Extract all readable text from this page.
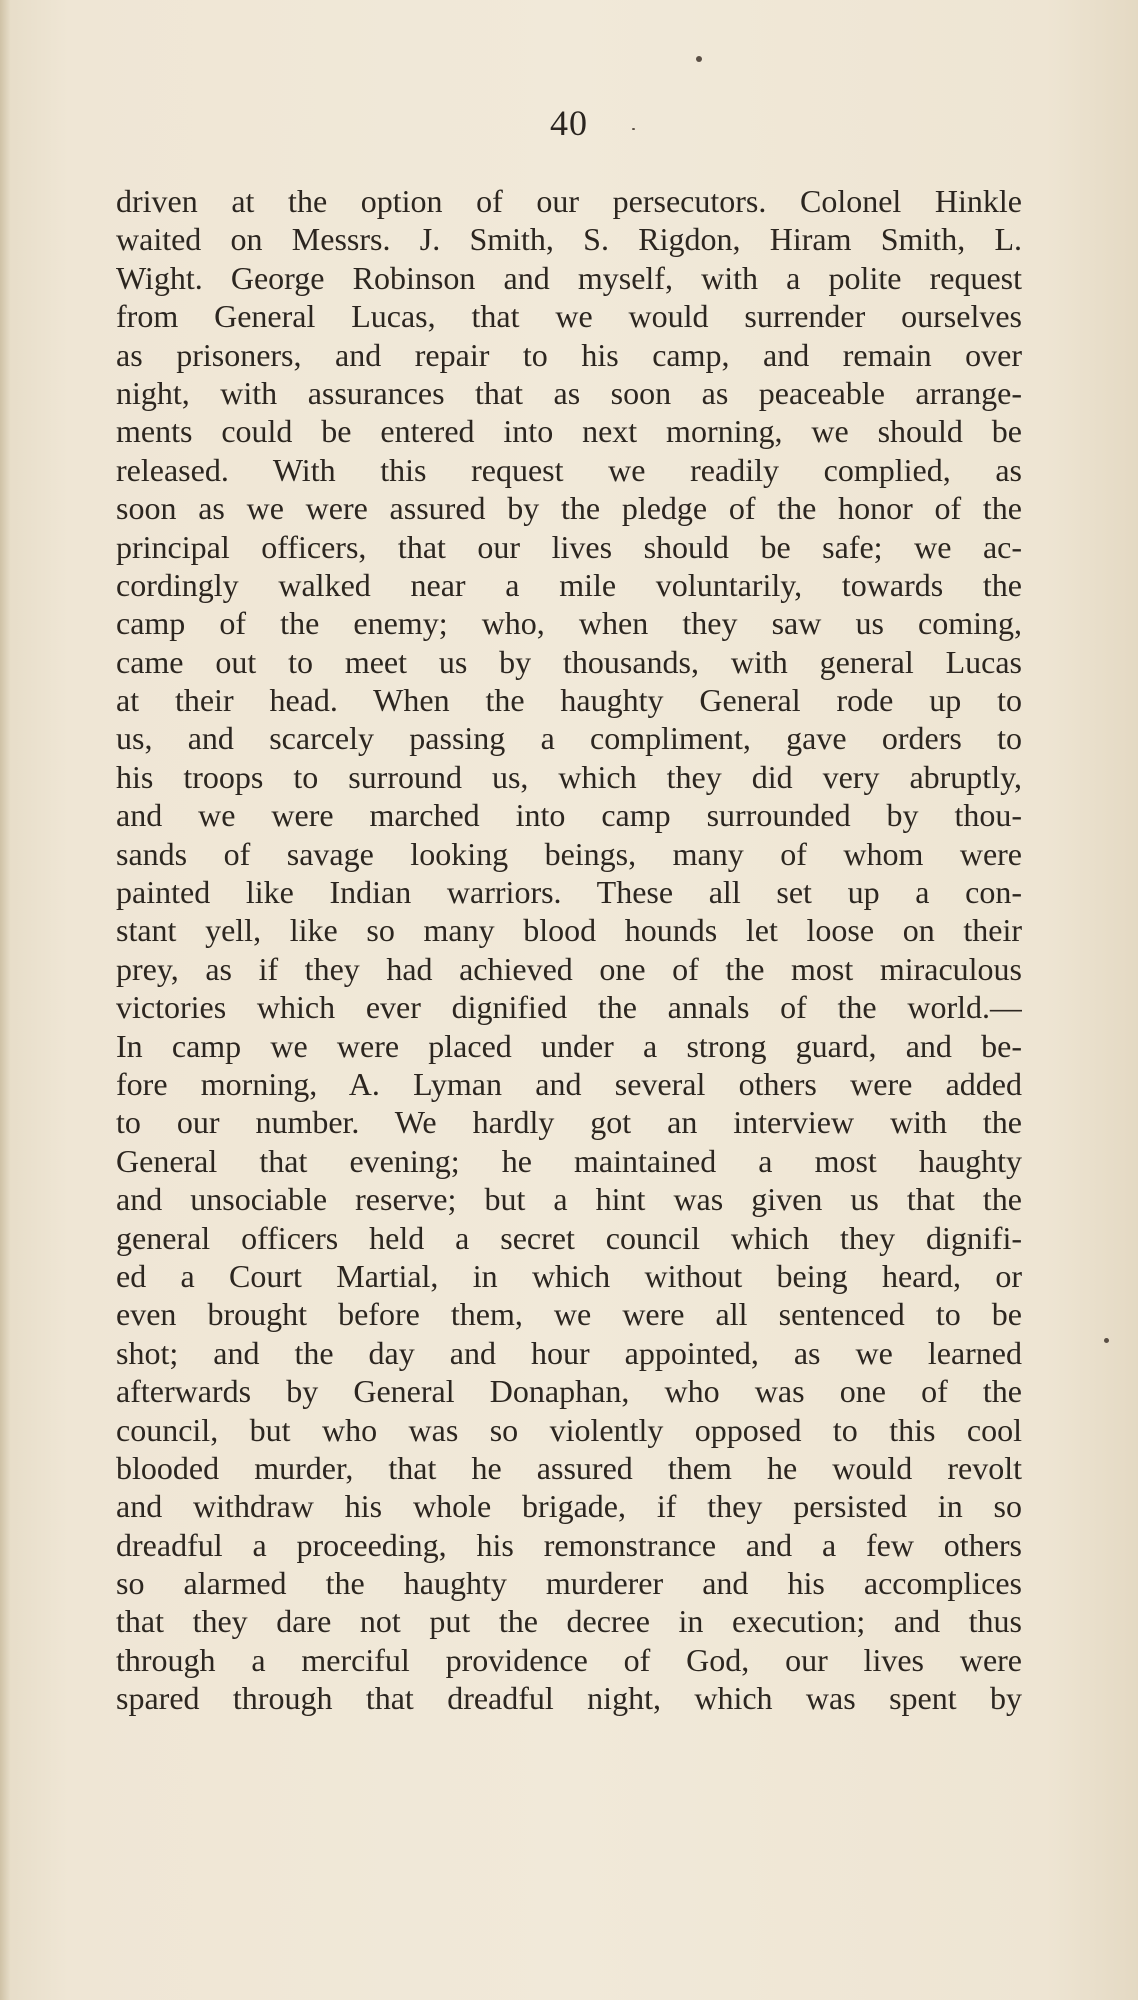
40
driven at the option of our persecutors. Colonel Hinkle
waited on Messrs. J. Smith, S. Rigdon, Hiram Smith, L.
Wight. George Robinson and myself, with a polite request
from General Lucas, that we would surrender ourselves
as prisoners, and repair to his camp, and remain over
night, with assurances that as soon as peaceable arrange-
ments could be entered into next morning, we should be
released. With this request we readily complied, as
soon as we were assured by the pledge of the honor of the
principal officers, that our lives should be safe; we ac-
cordingly walked near a mile voluntarily, towards the
camp of the enemy; who, when they saw us coming,
came out to meet us by thousands, with general Lucas
at their head. When the haughty General rode up to
us, and scarcely passing a compliment, gave orders to
his troops to surround us, which they did very abruptly,
and we were marched into camp surrounded by thou-
sands of savage looking beings, many of whom were
painted like Indian warriors. These all set up a con-
stant yell, like so many blood hounds let loose on their
prey, as if they had achieved one of the most miraculous
victories which ever dignified the annals of the world.—
In camp we were placed under a strong guard, and be-
fore morning, A. Lyman and several others were added
to our number. We hardly got an interview with the
General that evening; he maintained a most haughty
and unsociable reserve; but a hint was given us that the
general officers held a secret council which they dignifi-
ed a Court Martial, in which without being heard, or
even brought before them, we were all sentenced to be
shot; and the day and hour appointed, as we learned
afterwards by General Donaphan, who was one of the
council, but who was so violently opposed to this cool
blooded murder, that he assured them he would revolt
and withdraw his whole brigade, if they persisted in so
dreadful a proceeding, his remonstrance and a few others
so alarmed the haughty murderer and his accomplices
that they dare not put the decree in execution; and thus
through a merciful providence of God, our lives were
spared through that dreadful night, which was spent by
